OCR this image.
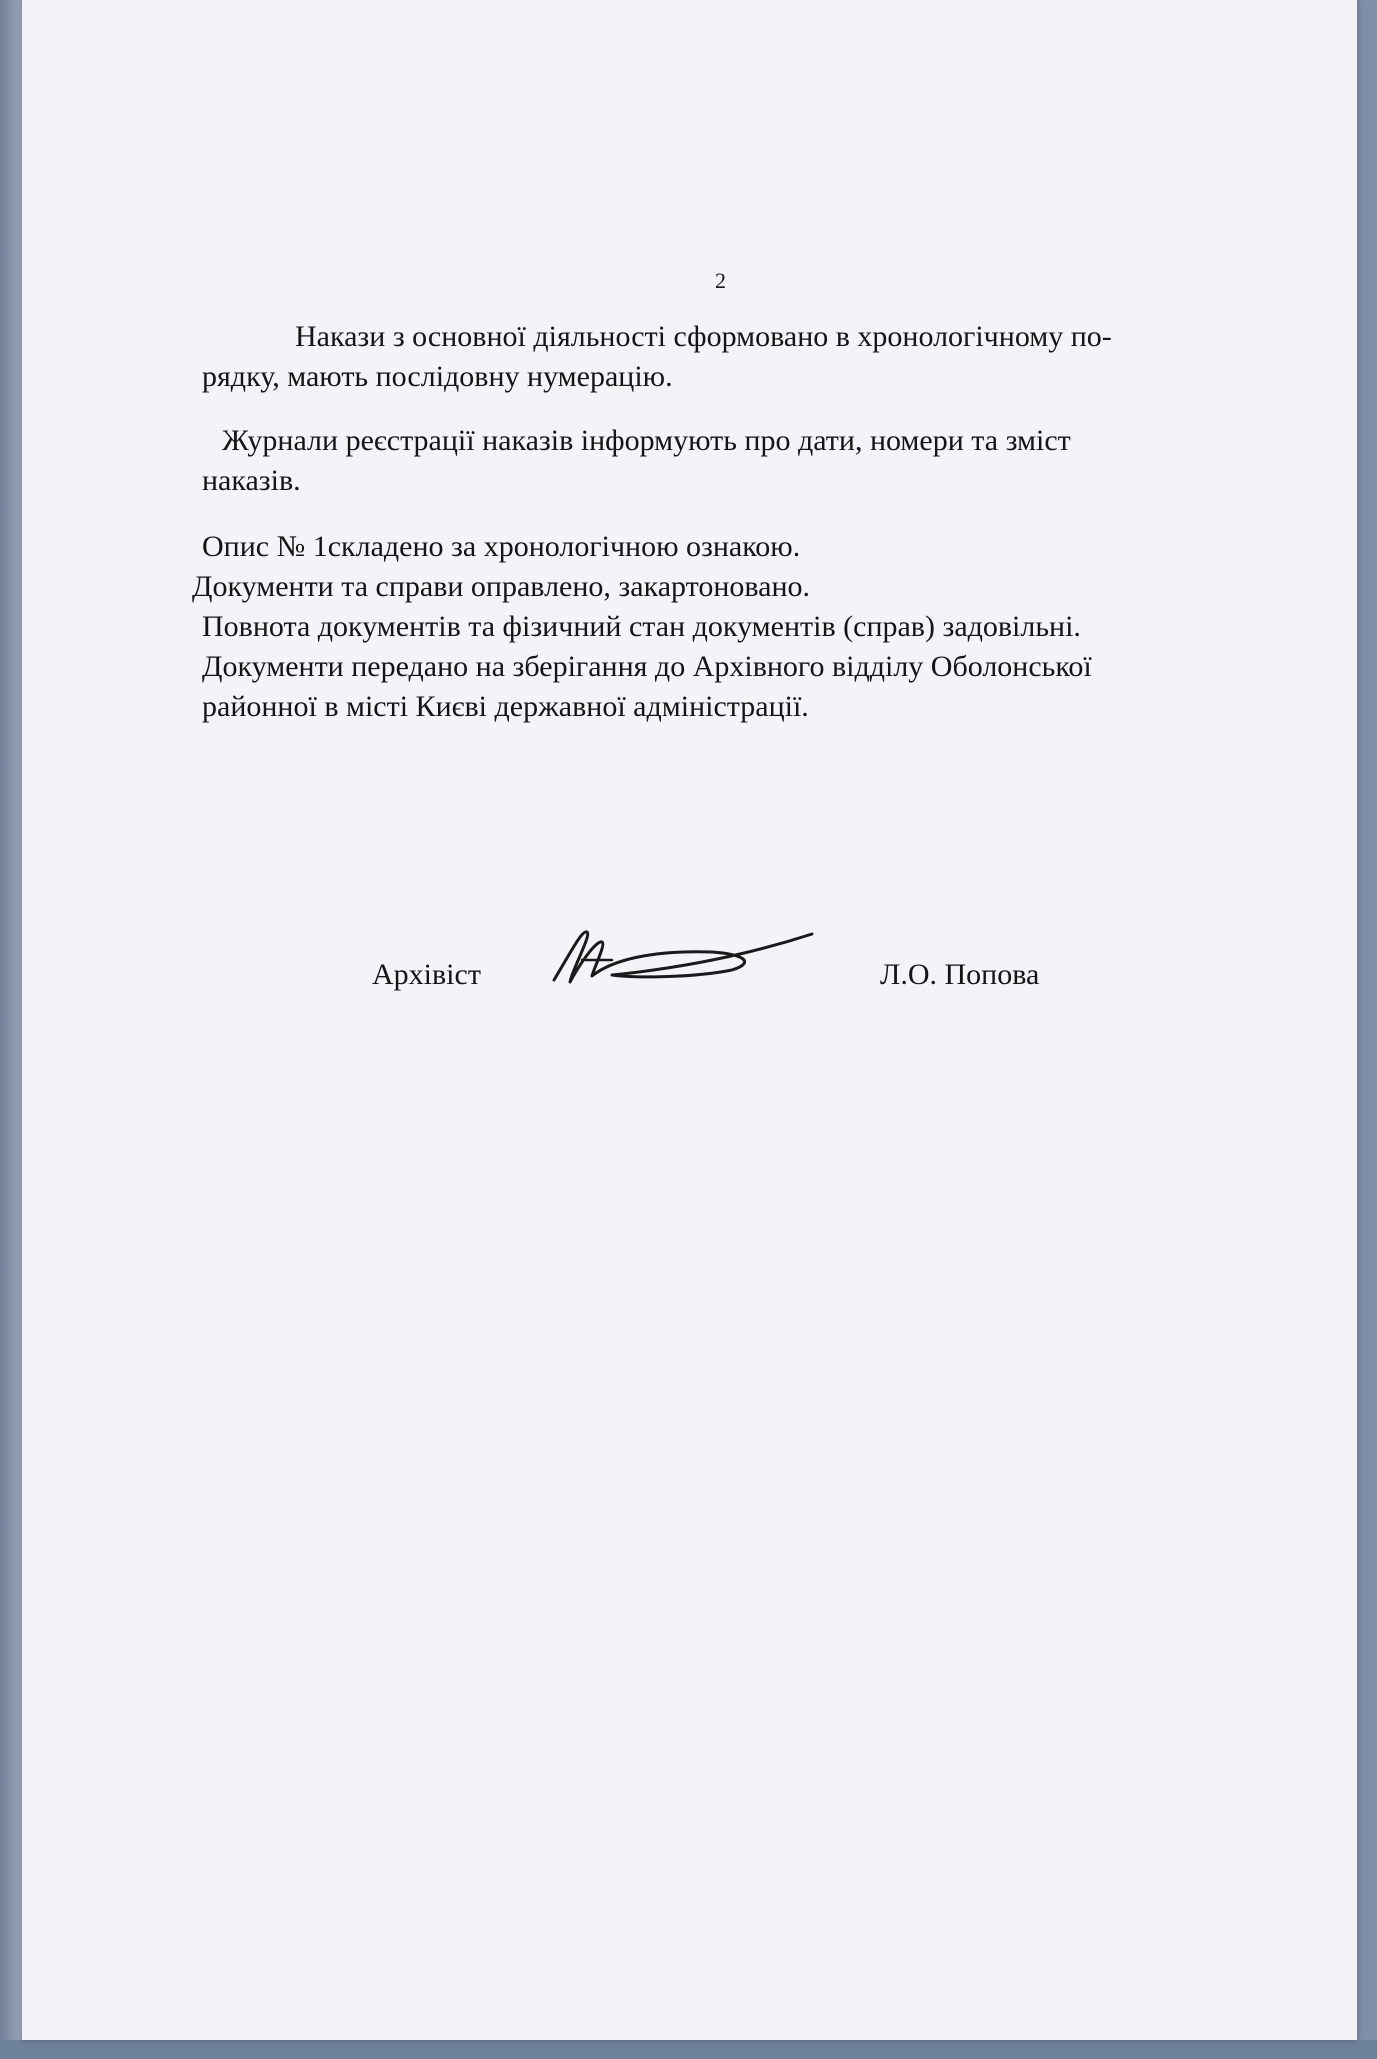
2
Накази з основної діяльності сформовано в хронологічному по-
рядку, мають послідовну нумерацію.
Журнали реєстрації наказів інформують про дати, номери та зміст
наказів.
Опис № 1складено за хронологічною ознакою.
Документи та справи оправлено, закартоновано.
Повнота документів та фізичний стан документів (справ) задовільні.
Документи передано на зберігання до Архівного відділу Оболонської
районної в місті Києві державної адміністрації.
Архівіст	Л.О. Попова
